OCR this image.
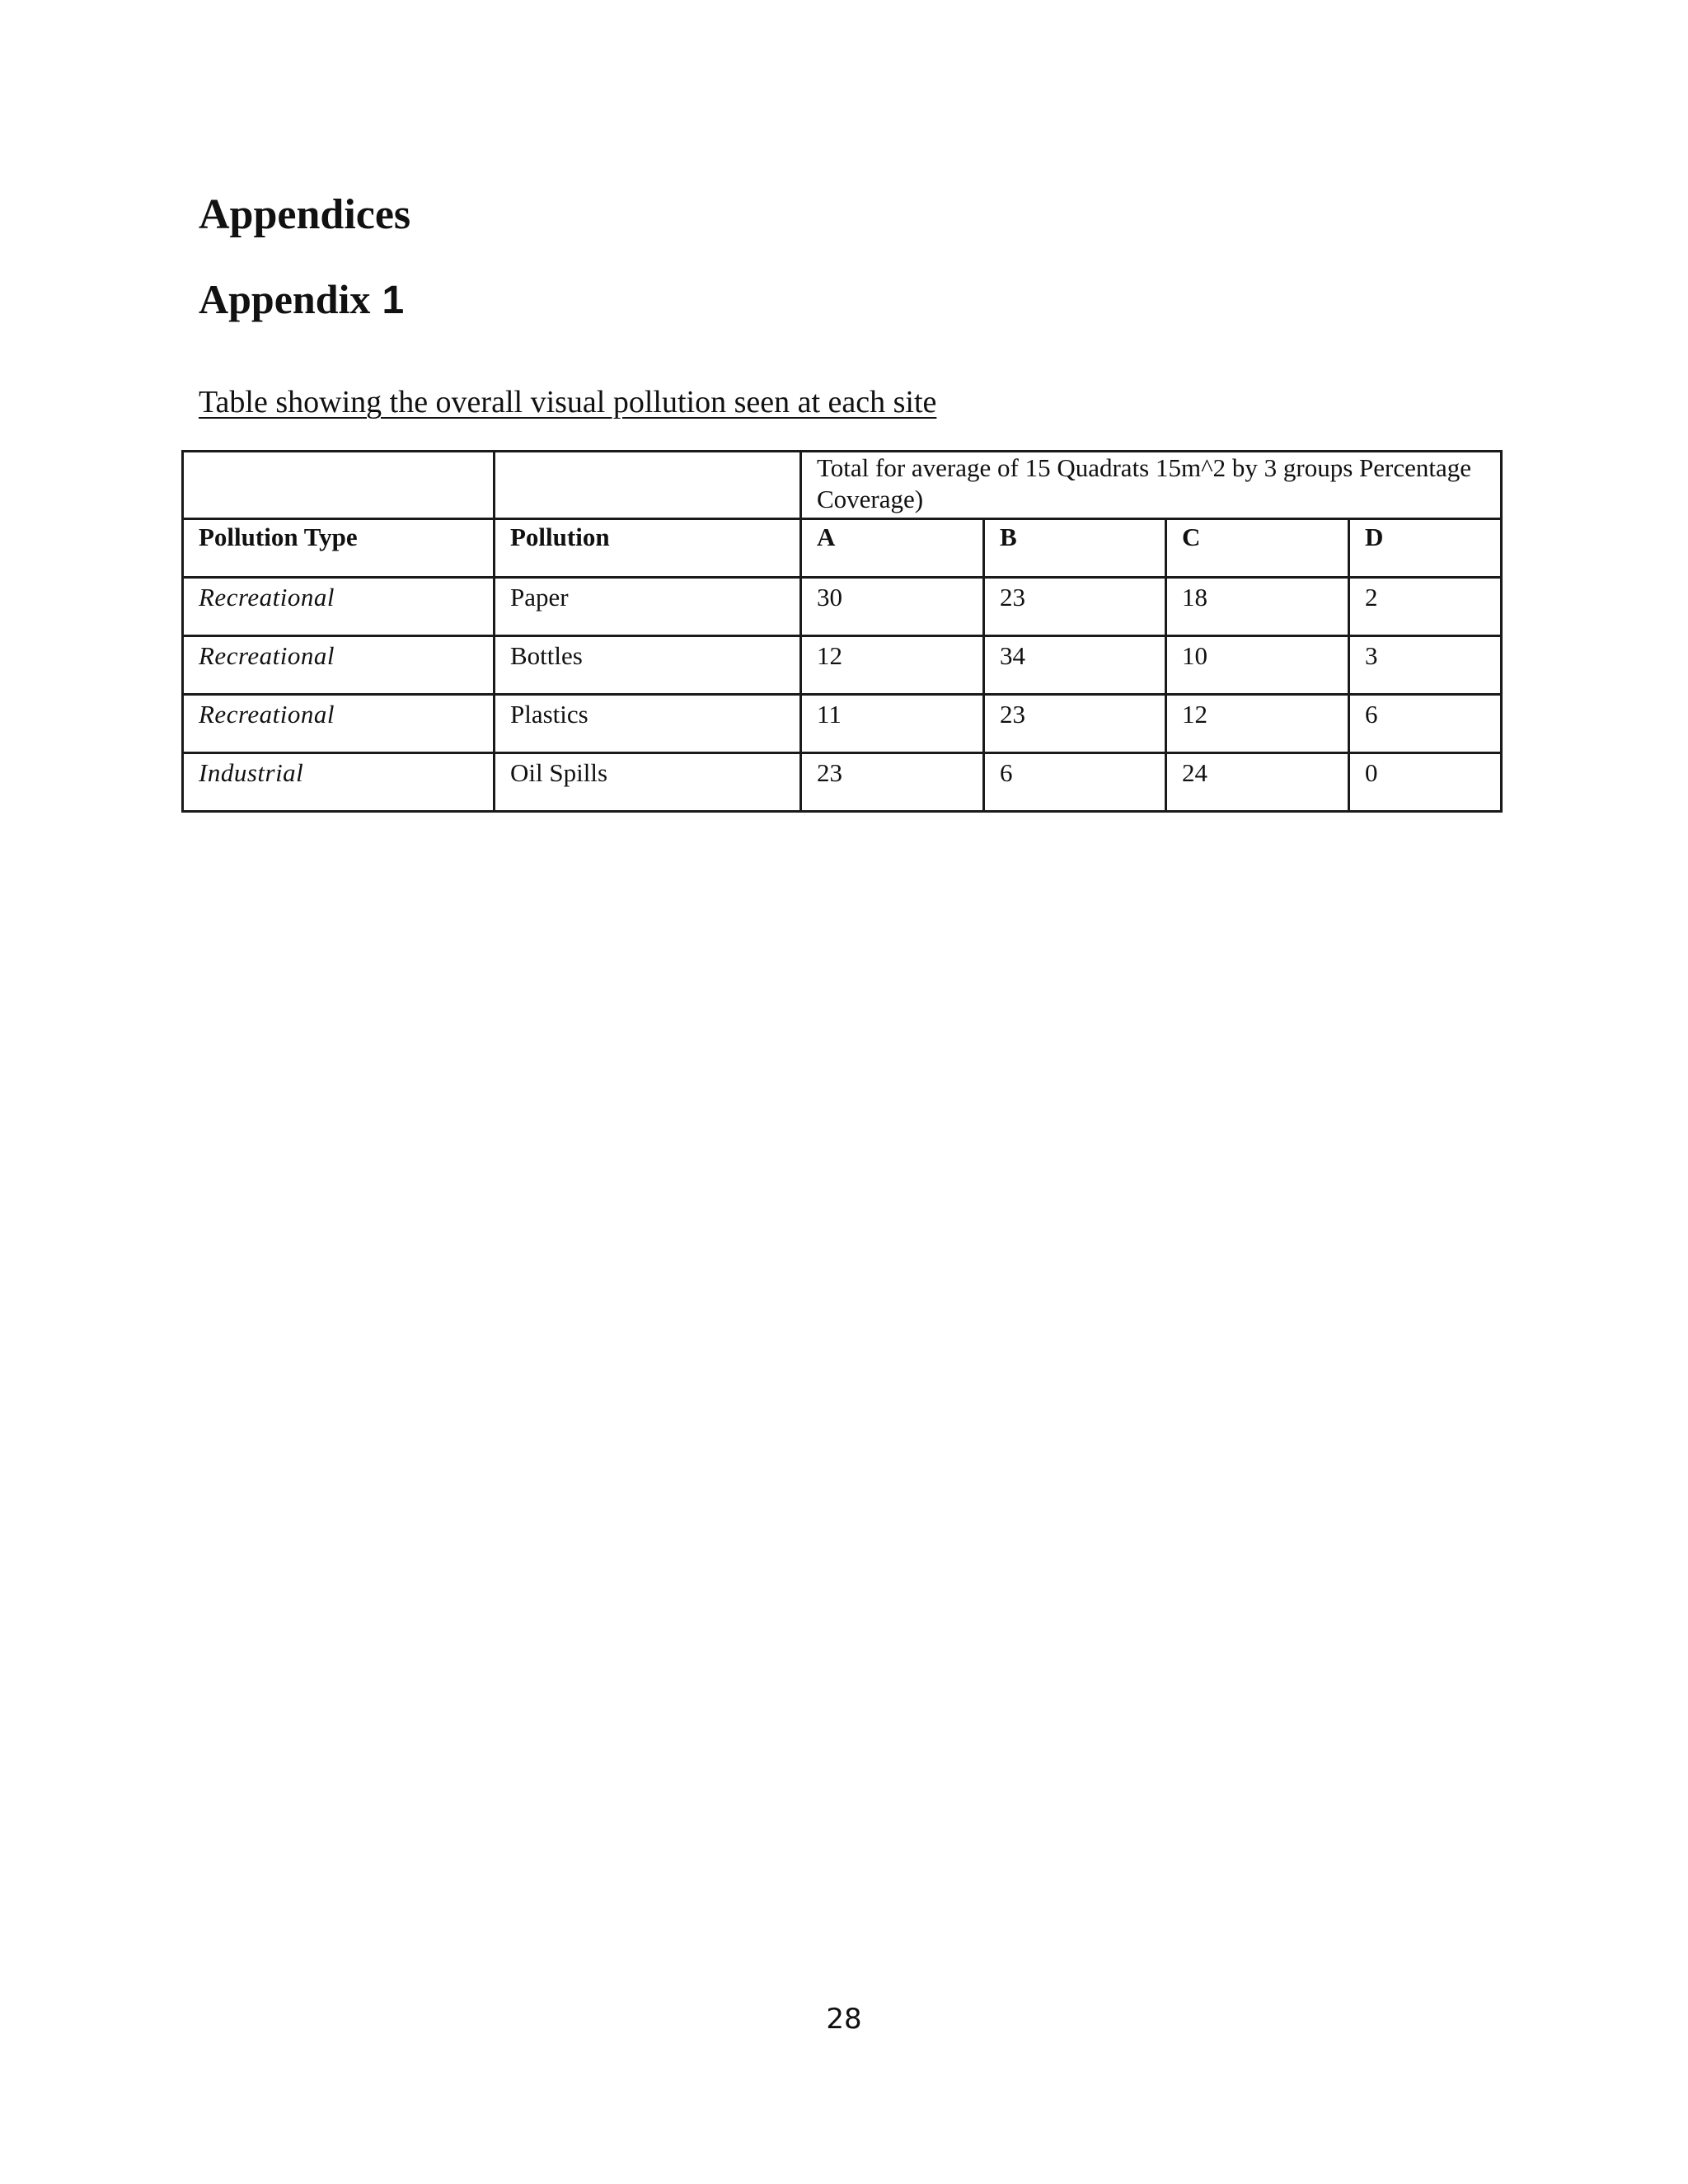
Appendices
Appendix 1

Table showing the overall visual pollution seen at each site

		Total for average of 15 Quadrats 15m^2 by 3 groups Percentage Coverage)			
Pollution Type	Pollution	A	B	C	D
Recreational	Paper	30	23	18	2
Recreational	Bottles	12	34	10	3
Recreational	Plastics	11	23	12	6
Industrial	Oil Spills	23	6	24	0

28
